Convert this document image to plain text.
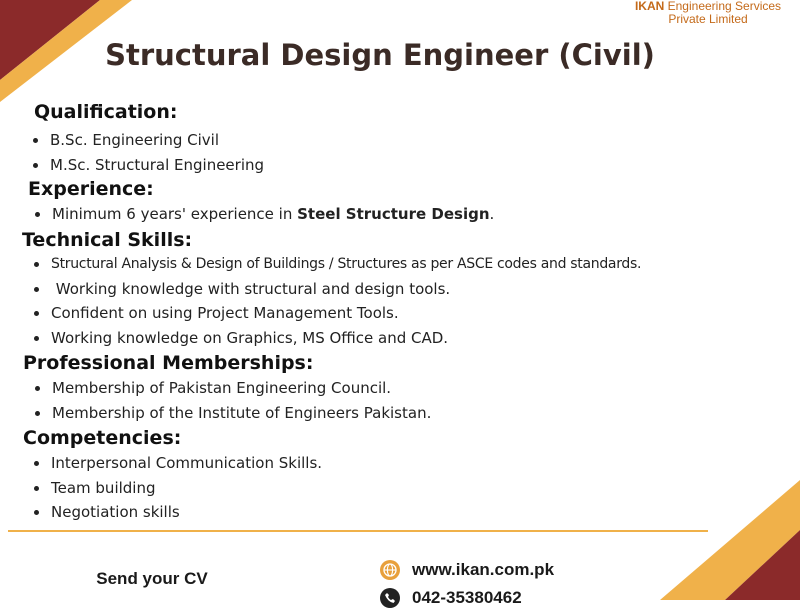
IKAN Engineering Services
Private Limited
Structural Design Engineer (Civil)
Qualification:
B.Sc. Engineering Civil
M.Sc. Structural Engineering
Experience:
Minimum 6 years' experience in Steel Structure Design.
Technical Skills:
Structural Analysis & Design of Buildings / Structures as per ASCE codes and standards.
Working knowledge with structural and design tools.
Confident on using Project Management Tools.
Working knowledge on Graphics, MS Office and CAD.
Professional Memberships:
Membership of Pakistan Engineering Council.
Membership of the Institute of Engineers Pakistan.
Competencies:
Interpersonal Communication Skills.
Team building
Negotiation skills
Send your CV	www.ikan.com.pk
042-35380462
